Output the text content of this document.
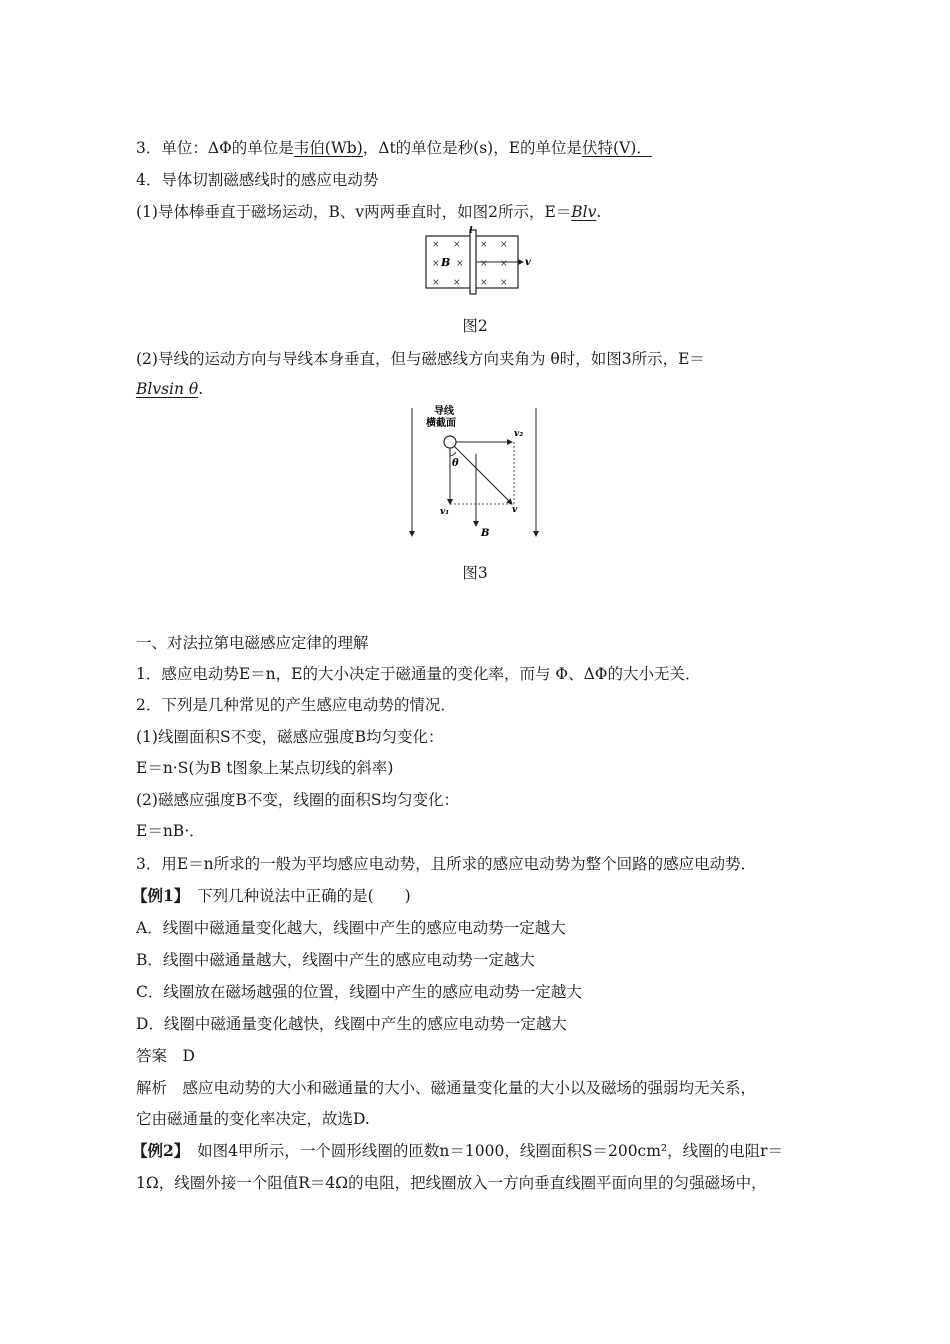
3．单位：ΔΦ的单位是韦伯(Wb)，Δt的单位是秒(s)，E的单位是伏特(V)．
4．导体切割磁感线时的感应电动势
(1)导体棒垂直于磁场运动，B、v两两垂直时，如图2所示，E＝Blv.
l
× × × ×
× × × ×
× × × ×
B	v
图2
(2)导线的运动方向与导线本身垂直，但与磁感线方向夹角为 θ时，如图3所示，E＝
Blvsin θ.
导线
横截面
v₂
v₁	v
θ
B
图3
一、对法拉第电磁感应定律的理解
1．感应电动势E＝n，E的大小决定于磁通量的变化率，而与 Φ、ΔΦ的大小无关．
2．下列是几种常见的产生感应电动势的情况．
(1)线圈面积S不变，磁感应强度B均匀变化：
E＝n·S(为B t图象上某点切线的斜率)
(2)磁感应强度B不变，线圈的面积S均匀变化：
E＝nB·．
3．用E＝n所求的一般为平均感应电动势，且所求的感应电动势为整个回路的感应电动势．
【例1】　 下列几种说法中正确的是(　　)
A．线圈中磁通量变化越大，线圈中产生的感应电动势一定越大
B．线圈中磁通量越大，线圈中产生的感应电动势一定越大
C．线圈放在磁场越强的位置，线圈中产生的感应电动势一定越大
D．线圈中磁通量变化越快，线圈中产生的感应电动势一定越大
答案　D
解析　感应电动势的大小和磁通量的大小、磁通量变化量的大小以及磁场的强弱均无关系，
它由磁通量的变化率决定，故选D.
【例2】　 如图4甲所示，一个圆形线圈的匝数n＝1000，线圈面积S＝200cm²，线圈的电阻r＝
1Ω，线圈外接一个阻值R＝4Ω的电阻，把线圈放入一方向垂直线圈平面向里的匀强磁场中，
